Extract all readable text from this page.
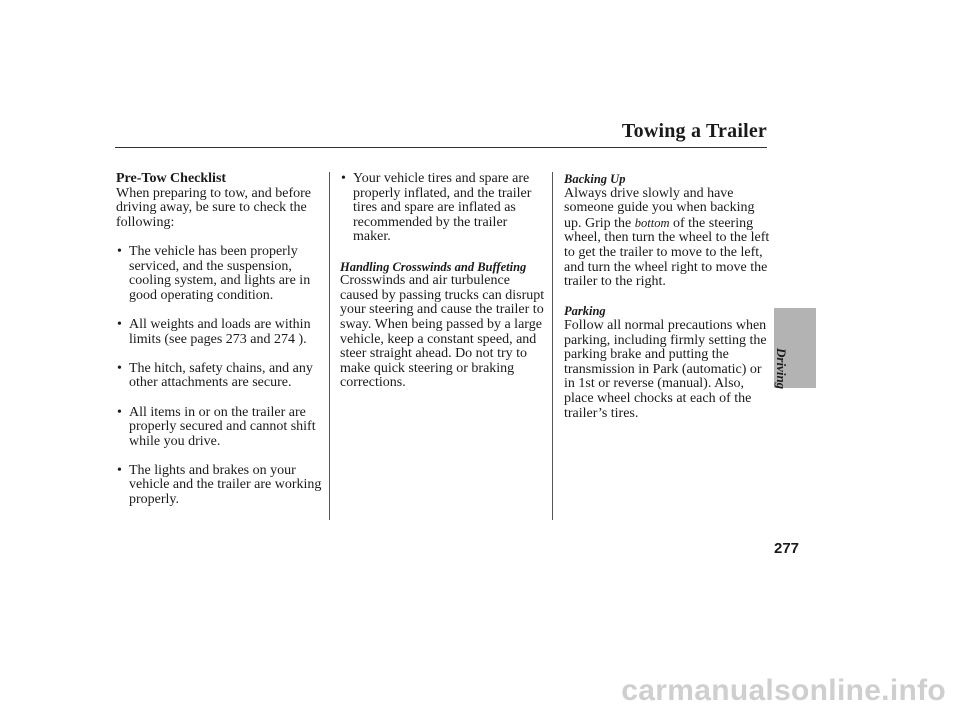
Towing a Trailer

Pre-Tow Checklist

When preparing to tow, and before driving away, be sure to check the following:

• The vehicle has been properly serviced, and the suspension, cooling system, and lights are in good operating condition.
• All weights and loads are within limits (see pages 273 and 274 ).
• The hitch, safety chains, and any other attachments are secure.
• All items in or on the trailer are properly secured and cannot shift while you drive.
• The lights and brakes on your vehicle and the trailer are working properly.
• Your vehicle tires and spare are properly inflated, and the trailer tires and spare are inflated as recommended by the trailer maker.

Handling Crosswinds and Buffeting

Crosswinds and air turbulence caused by passing trucks can disrupt your steering and cause the trailer to sway. When being passed by a large vehicle, keep a constant speed, and steer straight ahead. Do not try to make quick steering or braking corrections.

Backing Up

Always drive slowly and have someone guide you when backing up. Grip the bottom of the steering wheel, then turn the wheel to the left to get the trailer to move to the left, and turn the wheel right to move the trailer to the right.

Parking

Follow all normal precautions when parking, including firmly setting the parking brake and putting the transmission in Park (automatic) or in 1st or reverse (manual). Also, place wheel chocks at each of the trailer’s tires.

Driving
277
carmanualsonline.info
